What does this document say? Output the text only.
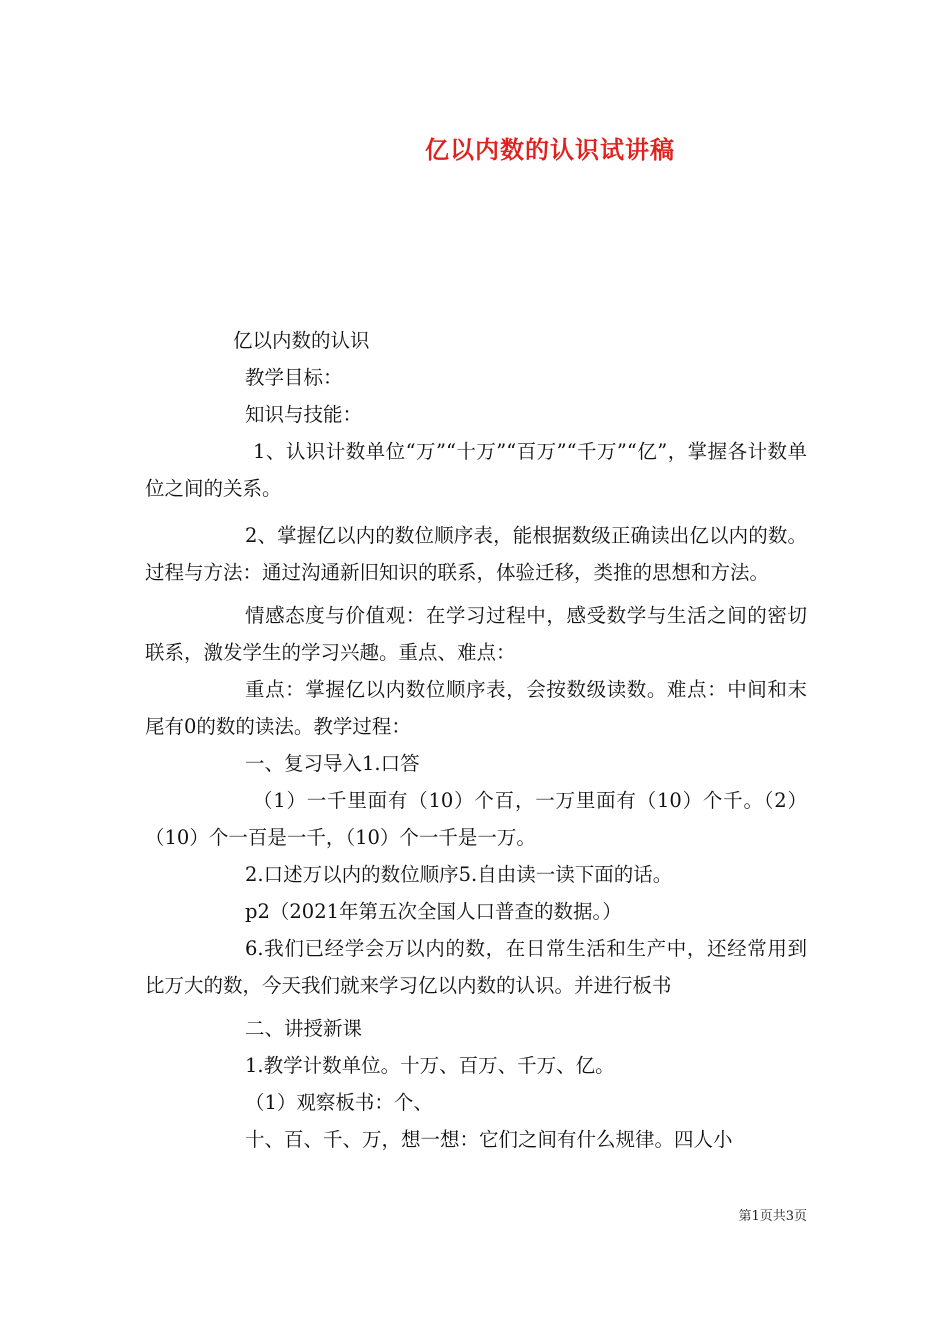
亿以内数的认识试讲稿

亿以内数的认识

教学目标：

知识与技能：

1、认识计数单位“万”“十万”“百万”“千万”“亿”，掌握各计数单位之间的关系。

2、掌握亿以内的数位顺序表，能根据数级正确读出亿以内的数。过程与方法：通过沟通新旧知识的联系，体验迁移，类推的思想和方法。

情感态度与价值观：在学习过程中，感受数学与生活之间的密切联系，激发学生的学习兴趣。重点、难点：

重点：掌握亿以内数位顺序表，会按数级读数。难点：中间和末尾有0的数的读法。教学过程：

一、复习导入1.口答

（1）一千里面有（10）个百，一万里面有（10）个千。（2）（10）个一百是一千，（10）个一千是一万。

2.口述万以内的数位顺序5.自由读一读下面的话。

p2（2021年第五次全国人口普查的数据。）

6.我们已经学会万以内的数，在日常生活和生产中，还经常用到比万大的数，今天我们就来学习亿以内数的认识。并进行板书

二、讲授新课

1.教学计数单位。十万、百万、千万、亿。

（1）观察板书：个、

十、百、千、万，想一想：它们之间有什么规律。四人小

第1页共3页
